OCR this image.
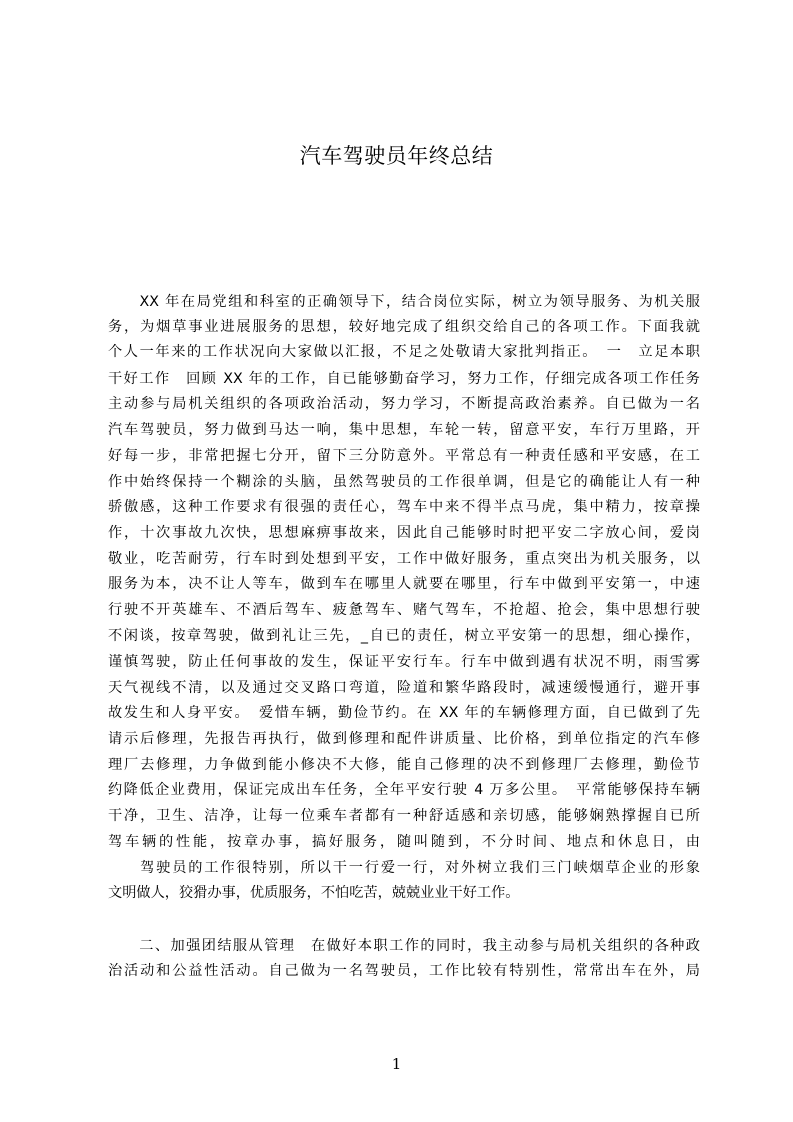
汽车驾驶员年终总结
　　XX 年在局党组和科室的正确领导下，结合岗位实际，树立为领导服务、为机关服
务，为烟草事业进展服务的思想，较好地完成了组织交给自己的各项工作。下面我就
个人一年来的工作状况向大家做以汇报，不足之处敬请大家批判指正。　一　立足本职
干好工作　回顾 XX 年的工作，自已能够勤奋学习，努力工作，仔细完成各项工作任务
主动参与局机关组织的各项政治活动，努力学习，不断提高政治素养。自已做为一名
汽车驾驶员，努力做到马达一响，集中思想，车轮一转，留意平安，车行万里路，开
好每一步，非常把握七分开，留下三分防意外。平常总有一种责任感和平安感，在工
作中始终保持一个糊涂的头脑，虽然驾驶员的工作很单调，但是它的确能让人有一种
骄傲感，这种工作要求有很强的责任心，驾车中来不得半点马虎，集中精力，按章操
作，十次事故九次快，思想麻痹事故来，因此自己能够时时把平安二字放心间，爱岗
敬业，吃苦耐劳，行车时到处想到平安，工作中做好服务，重点突出为机关服务，以
服务为本，决不让人等车，做到车在哪里人就要在哪里，行车中做到平安第一，中速
行驶不开英雄车、不酒后驾车、疲惫驾车、赌气驾车，不抢超、抢会，集中思想行驶
不闲谈，按章驾驶，做到礼让三先，_自已的责任，树立平安第一的思想，细心操作，
谨慎驾驶，防止任何事故的发生，保证平安行车。行车中做到遇有状况不明，雨雪雾
天气视线不清，以及通过交叉路口弯道，险道和繁华路段时，减速缓慢通行，避开事
故发生和人身平安。　爱惜车辆，勤俭节约。在 XX 年的车辆修理方面，自已做到了先
请示后修理，先报告再执行，做到修理和配件讲质量、比价格，到单位指定的汽车修
理厂去修理，力争做到能小修决不大修，能自己修理的决不到修理厂去修理，勤俭节
约降低企业费用，保证完成出车任务，全年平安行驶 4 万多公里。　平常能够保持车辆
干净，卫生、洁净，让每一位乘车者都有一种舒适感和亲切感，能够娴熟撑握自已所
驾车辆的性能，按章办事，搞好服务，随叫随到，不分时间、地点和休息日，由
　　驾驶员的工作很特别，所以干一行爱一行，对外树立我们三门峡烟草企业的形象
文明做人，狡猾办事，优质服务，不怕吃苦，兢兢业业干好工作。
　　二、加强团结服从管理　在做好本职工作的同时，我主动参与局机关组织的各种政
治活动和公益性活动。自己做为一名驾驶员，工作比较有特别性，常常出车在外，局
1
